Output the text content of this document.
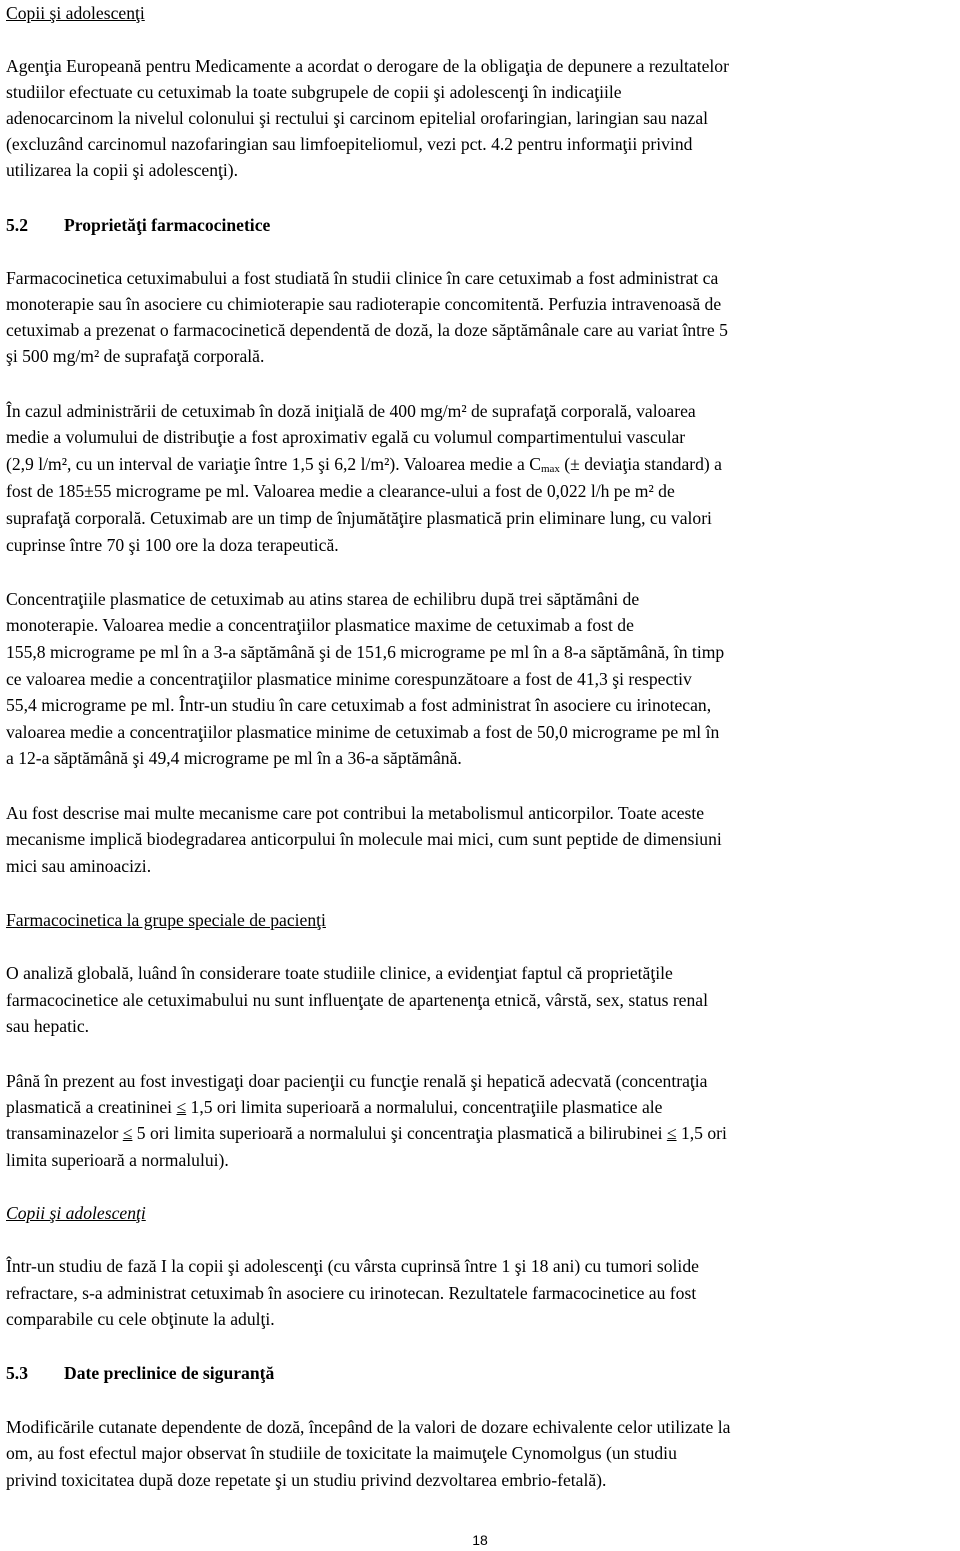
Copii şi adolescenţi
Agenţia Europeană pentru Medicamente a acordat o derogare de la obligaţia de depunere a rezultatelor
studiilor efectuate cu cetuximab la toate subgrupele de copii şi adolescenţi în indicaţiile
adenocarcinom la nivelul colonului şi rectului şi carcinom epitelial orofaringian, laringian sau nazal
(excluzând carcinomul nazofaringian sau limfoepiteliomul, vezi pct. 4.2 pentru informaţii privind
utilizarea la copii şi adolescenţi).
5.2 Proprietăţi farmacocinetice
Farmacocinetica cetuximabului a fost studiată în studii clinice în care cetuximab a fost administrat ca
monoterapie sau în asociere cu chimioterapie sau radioterapie concomitentă. Perfuzia intravenoasă de
cetuximab a prezenat o farmacocinetică dependentă de doză, la doze săptămânale care au variat între 5
şi 500 mg/m² de suprafaţă corporală.
În cazul administrării de cetuximab în doză iniţială de 400 mg/m² de suprafaţă corporală, valoarea
medie a volumului de distribuţie a fost aproximativ egală cu volumul compartimentului vascular
(2,9 l/m², cu un interval de variaţie între 1,5 şi 6,2 l/m²). Valoarea medie a $C_{max}$ (± deviaţia standard) a
fost de 185±55 micrograme pe ml. Valoarea medie a clearance-ului a fost de 0,022 l/h pe m² de
suprafaţă corporală. Cetuximab are un timp de înjumătăţire plasmatică prin eliminare lung, cu valori
cuprinse între 70 şi 100 ore la doza terapeutică.
Concentraţiile plasmatice de cetuximab au atins starea de echilibru după trei săptămâni de
monoterapie. Valoarea medie a concentraţiilor plasmatice maxime de cetuximab a fost de
155,8 micrograme pe ml în a 3-a săptămână şi de 151,6 micrograme pe ml în a 8-a săptămână, în timp
ce valoarea medie a concentraţiilor plasmatice minime corespunzătoare a fost de 41,3 şi respectiv
55,4 micrograme pe ml. Într-un studiu în care cetuximab a fost administrat în asociere cu irinotecan,
valoarea medie a concentraţiilor plasmatice minime de cetuximab a fost de 50,0 micrograme pe ml în
a 12-a săptămână şi 49,4 micrograme pe ml în a 36-a săptămână.
Au fost descrise mai multe mecanisme care pot contribui la metabolismul anticorpilor. Toate aceste
mecanisme implică biodegradarea anticorpului în molecule mai mici, cum sunt peptide de dimensiuni
mici sau aminoacizi.
Farmacocinetica la grupe speciale de pacienţi
O analiză globală, luând în considerare toate studiile clinice, a evidenţiat faptul că proprietăţile
farmacocinetice ale cetuximabului nu sunt influenţate de apartenenţa etnică, vârstă, sex, status renal
sau hepatic.
Până în prezent au fost investigaţi doar pacienţii cu funcţie renală şi hepatică adecvată (concentraţia
plasmatică a creatininei ≤ 1,5 ori limita superioară a normalului, concentraţiile plasmatice ale
transaminazelor ≤ 5 ori limita superioară a normalului şi concentraţia plasmatică a bilirubinei ≤ 1,5 ori
limita superioară a normalului).
Copii şi adolescenţi
Într-un studiu de fază I la copii şi adolescenţi (cu vârsta cuprinsă între 1 şi 18 ani) cu tumori solide
refractare, s-a administrat cetuximab în asociere cu irinotecan. Rezultatele farmacocinetice au fost
comparabile cu cele obţinute la adulţi.
5.3 Date preclinice de siguranţă
Modificările cutanate dependente de doză, începând de la valori de dozare echivalente celor utilizate la
om, au fost efectul major observat în studiile de toxicitate la maimuţele Cynomolgus (un studiu
privind toxicitatea după doze repetate şi un studiu privind dezvoltarea embrio-fetală).
18
